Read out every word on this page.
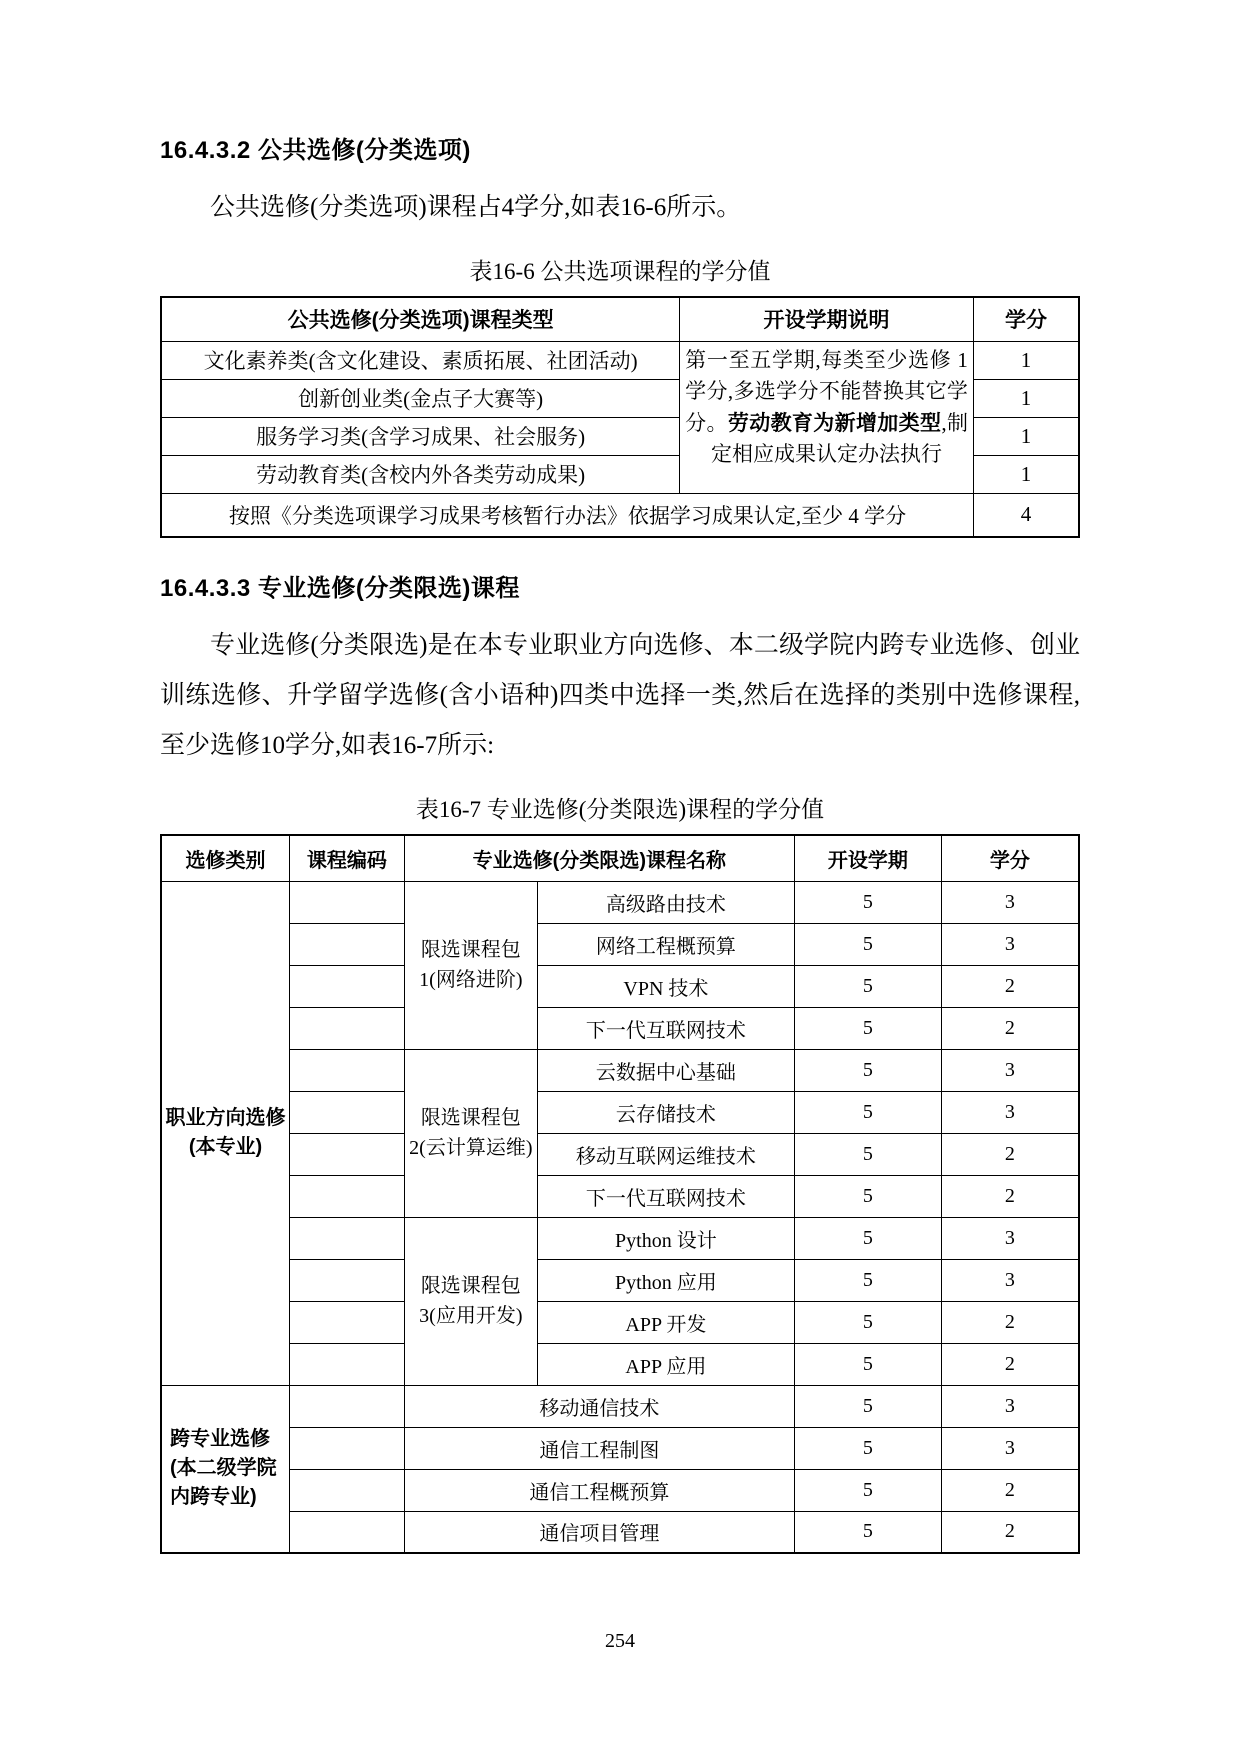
16.4.3.2 公共选修(分类选项)

公共选修(分类选项)课程占4学分,如表16-6所示。

表16-6 公共选项课程的学分值
公共选修(分类选项)课程类型	开设学期说明	学分
文化素养类(含文化建设、素质拓展、社团活动)	第一至五学期,每类至少选修 1 学分,多选学分不能替换其它学分。劳动教育为新增加类型,制定相应成果认定办法执行	1
创新创业类(金点子大赛等)		1
服务学习类(含学习成果、社会服务)		1
劳动教育类(含校内外各类劳动成果)		1
按照《分类选项课学习成果考核暂行办法》依据学习成果认定,至少 4 学分		4
16.4.3.3 专业选修(分类限选)课程

专业选修(分类限选)是在本专业职业方向选修、本二级学院内跨专业选修、创业训练选修、升学留学选修(含小语种)四类中选择一类,然后在选择的类别中选修课程,至少选修10学分,如表16-7所示:

表16-7 专业选修(分类限选)课程的学分值
选修类别	课程编码	专业选修(分类限选)课程名称		开设学期	学分
职业方向选修(本专业)		限选课程包 1(网络进阶)	高级路由技术	5	3
			网络工程概预算	5	3
			VPN 技术	5	2
			下一代互联网技术	5	2
		限选课程包 2(云计算运维)	云数据中心基础	5	3
			云存储技术	5	3
			移动互联网运维技术	5	2
			下一代互联网技术	5	2
		限选课程包 3(应用开发)	Python 设计	5	3
			Python 应用	5	3
			APP 开发	5	2
			APP 应用	5	2
跨专业选修(本二级学院内跨专业)		移动通信技术		5	3
		通信工程制图		5	3
		通信工程概预算		5	2
		通信项目管理		5	2
254
